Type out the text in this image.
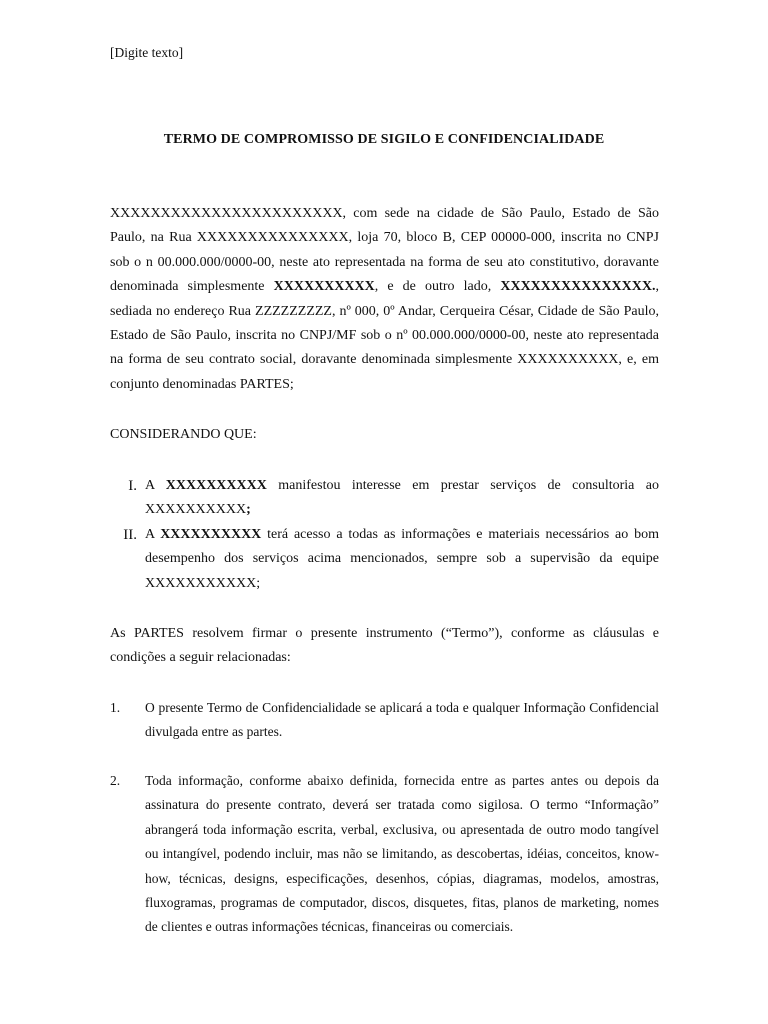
[Digite texto]
TERMO DE COMPROMISSO DE SIGILO E CONFIDENCIALIDADE
XXXXXXXXXXXXXXXXXXXXXXX, com sede na cidade de São Paulo, Estado de São Paulo, na Rua XXXXXXXXXXXXXXX, loja 70, bloco B, CEP 00000-000, inscrita no CNPJ sob o n 00.000.000/0000-00, neste ato representada na forma de seu ato constitutivo, doravante denominada simplesmente XXXXXXXXXX, e de outro lado, XXXXXXXXXXXXXXX., sediada no endereço Rua ZZZZZZZZZ, nº 000, 0º Andar, Cerqueira César, Cidade de São Paulo, Estado de São Paulo, inscrita no CNPJ/MF sob o nº 00.000.000/0000-00, neste ato representada na forma de seu contrato social, doravante denominada simplesmente XXXXXXXXXX, e, em conjunto denominadas PARTES;
CONSIDERANDO QUE:
I. A XXXXXXXXXX manifestou interesse em prestar serviços de consultoria ao XXXXXXXXXX;
II. A XXXXXXXXXX terá acesso a todas as informações e materiais necessários ao bom desempenho dos serviços acima mencionados, sempre sob a supervisão da equipe XXXXXXXXXXX;
As PARTES resolvem firmar o presente instrumento (“Termo”), conforme as cláusulas e condições a seguir relacionadas:
1. O presente Termo de Confidencialidade se aplicará a toda e qualquer Informação Confidencial divulgada entre as partes.
2. Toda informação, conforme abaixo definida, fornecida entre as partes antes ou depois da assinatura do presente contrato, deverá ser tratada como sigilosa. O termo “Informação” abrangerá toda informação escrita, verbal, exclusiva, ou apresentada de outro modo tangível ou intangível, podendo incluir, mas não se limitando, as descobertas, idéias, conceitos, know-how, técnicas, designs, especificações, desenhos, cópias, diagramas, modelos, amostras, fluxogramas, programas de computador, discos, disquetes, fitas, planos de marketing, nomes de clientes e outras informações técnicas, financeiras ou comerciais.
